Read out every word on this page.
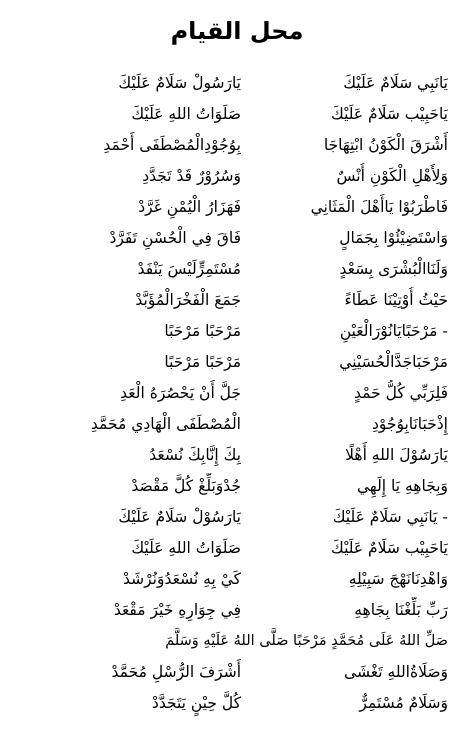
محل القيام
يَانَبِي سَلَامٌ عَلَيْكَ
يَارَسُولْ سَلَامٌ عَلَيْكَ
يَاحَبِيْب سَلَامٌ عَلَيْكَ
صَلَوَاتُ اللهِ عَلَيْكَ
أَشْرَقَ الْكَوْنُ ابْتِهَاجَا
بِوُجُوْدِالْمُصْطَفَى أَحْمَدِ
وَلِأَهْلِ الْكَوْنِ أُنْسٌ
وَسُرُوْرٌ قَدْ تَجَدَّدِ
فَاطْرَبُوْا يَاأَهْلَ الْمَثَانِي
فَهَزَارُ الْيُمْنِ غَرَّدْ
وَاسْتَضِيْئُوْا بِجَمَالٍ
فَاقَ فِي الْحُسْنِ تَفَرَّدْ
وَلَنَاالْبُشْرَى بِسَعْدٍ
مُسْتَمِرٍّلَيْسَ يَنْفَدْ
حَيْثُ أُوْتِيْنَا عَطَاءً
جَمَعَ الْفَخْرَالْمُؤَبَّدْ
- مَرْحَبًايَانُوْرَالْعَيْنِ
مَرْحَبًا مَرْحَبًا
مَرْحَبَاجَدَّالْحُسَيْنِي
مَرْحَبًا مَرْحَبًا
فَلِرَبِّي كُلُّ حَمْدٍ
جَلَّ أَنْ يَحْصُرَهُ الْعَدِ
إِذْحَبَانَابِوُجُوْدِ
الْمُصْطَفَى الْهَادِي مُحَمَّدِ
يَارَسُوْلَ اللهِ أَهْلًا
بِكَ إِنَّابِكَ نُسْعَدُ
وَبِجَاهِهِ يَا إِلَهِي
جُدْوَبَلِّغْ كُلَّ مَقْصَدْ
- يَانَبِي سَلَامٌ عَلَيْكَ
يَارَسُوْلْ سَلَامٌ عَلَيْكَ
يَاحَبِيْب سَلَامٌ عَلَيْكَ
صَلَوَاتُ اللهِ عَلَيْكَ
وَاهْدِنَانَهْجَ سَبِيْلِهِ
كَيْ بِهِ نُسْعَدُوَنُرْشَدْ
رَبِّ بَلِّغْنَا بِجَاهِهِ
فِي جِوَارِهِ خَيْرَ مَقْعَدْ
صَلِّ اللهُ عَلَى مُحَمَّدٍ مَرْحَبًا صَلَّى اللهُ عَلَيْهِ وَسَلَّمَ
وَصَلَاةُاللهِ تَغْشَى
أَشْرَفَ الرُّسْلِ مُحَمَّدْ
وَسَلَامٌ مُسْتَمِرٌّ
كُلَّ حِيْنٍ يَتَجَدَّدْ
